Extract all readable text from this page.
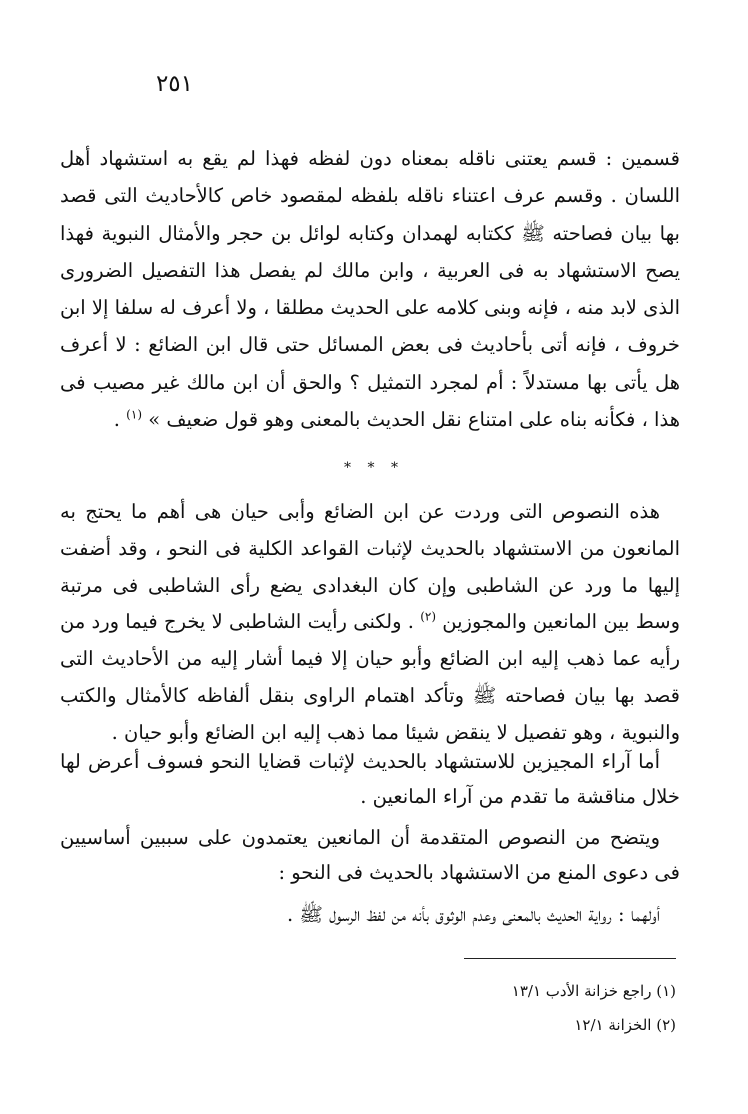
٢٥١

قسمين : قسم يعتنى ناقله بمعناه دون لفظه فهذا لم يقع به استشهاد أهل اللسان . وقسم عرف اعتناء ناقله بلفظه لمقصود خاص كالأحاديث التى قصد بها بيان فصاحته ﷺ ككتابه لهمدان وكتابه لوائل بن حجر والأمثال النبوية فهذا يصح الاستشهاد به فى العربية ، وابن مالك لم يفصل هذا التفصيل الضرورى الذى لابد منه ، فإنه وبنى كلامه على الحديث مطلقا ، ولا أعرف له سلفا إلا ابن خروف ، فإنه أتى بأحاديث فى بعض المسائل حتى قال ابن الضائع : لا أعرف هل يأتى بها مستدلاً : أم لمجرد التمثيل ؟ والحق أن ابن مالك غير مصيب فى هذا ، فكأنه بناه على امتناع نقل الحديث بالمعنى وهو قول ضعيف » $^{(١)}$ .

* * *

هذه النصوص التى وردت عن ابن الضائع وأبى حيان هى أهم ما يحتج به المانعون من الاستشهاد بالحديث لإثبات القواعد الكلية فى النحو ، وقد أضفت إليها ما ورد عن الشاطبى وإن كان البغدادى يضع رأى الشاطبى فى مرتبة وسط بين المانعين والمجوزين $^{(٢)}$ . ولكنى رأيت الشاطبى لا يخرج فيما ورد من رأيه عما ذهب إليه ابن الضائع وأبو حيان إلا فيما أشار إليه من الأحاديث التى قصد بها بيان فصاحته ﷺ وتأكد اهتمام الراوى بنقل ألفاظه كالأمثال والكتب والنبوية ، وهو تفصيل لا ينقض شيئا مما ذهب إليه ابن الضائع وأبو حيان .

أما آراء المجيزين للاستشهاد بالحديث لإثبات قضايا النحو فسوف أعرض لها خلال مناقشة ما تقدم من آراء المانعين .

ويتضح من النصوص المتقدمة أن المانعين يعتمدون على سببين أساسيين فى دعوى المنع من الاستشهاد بالحديث فى النحو :

أولهما : رواية الحديث بالمعنى وعدم الوثوق بأنه من لفظ الرسول ﷺ .

(١) راجع خزانة الأدب ١٣/١

(٢) الخزانة ١٢/١
